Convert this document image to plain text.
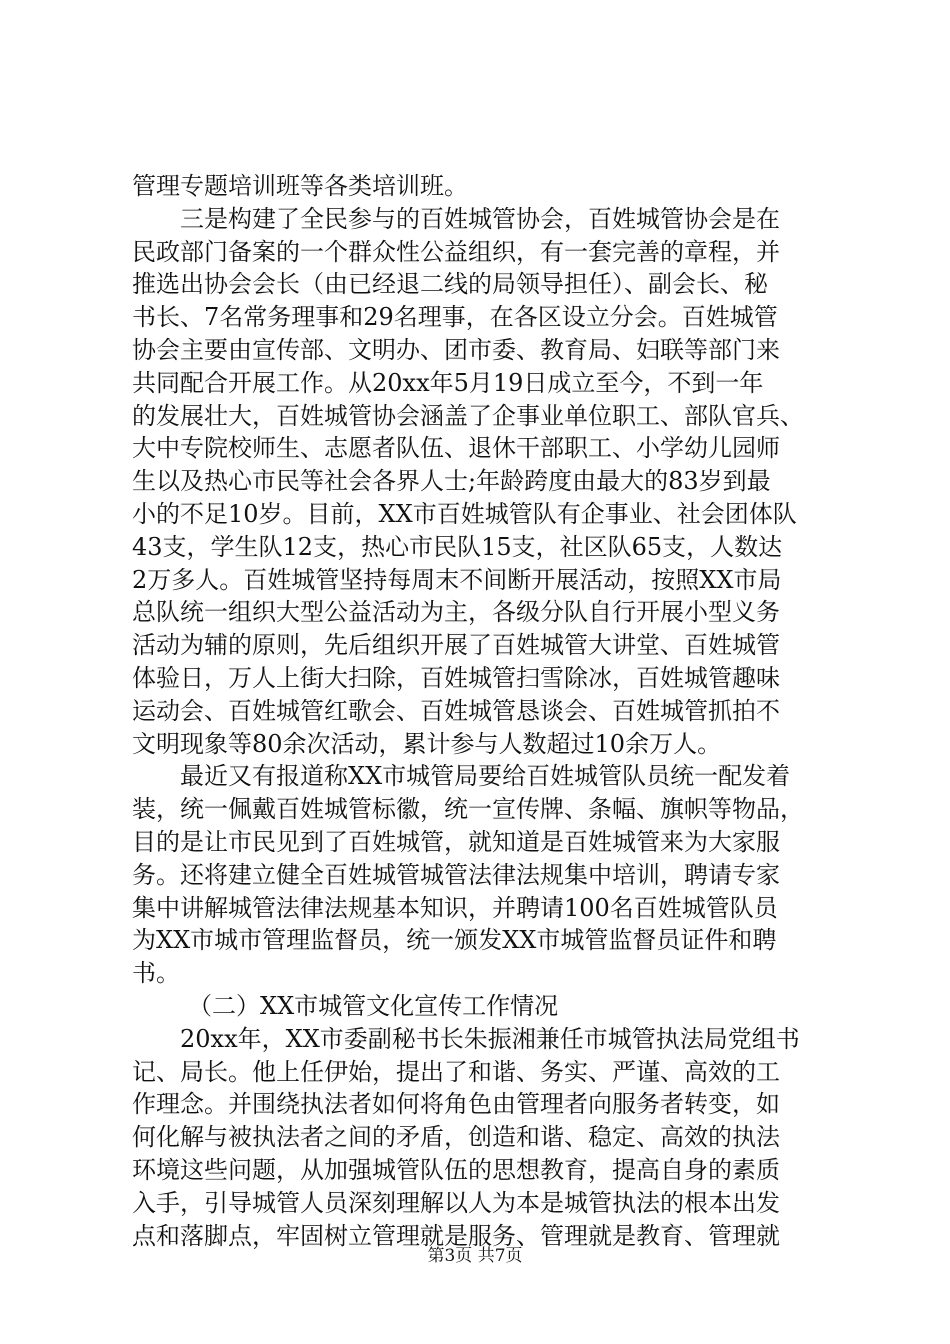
管理专题培训班等各类培训班。
三是构建了全民参与的百姓城管协会，百姓城管协会是在
民政部门备案的一个群众性公益组织，有一套完善的章程，并
推选出协会会长（由已经退二线的局领导担任）、副会长、秘
书长、7名常务理事和29名理事，在各区设立分会。百姓城管
协会主要由宣传部、文明办、团市委、教育局、妇联等部门来
共同配合开展工作。从20xx年5月19日成立至今，不到一年
的发展壮大，百姓城管协会涵盖了企事业单位职工、部队官兵、
大中专院校师生、志愿者队伍、退休干部职工、小学幼儿园师
生以及热心市民等社会各界人士;年龄跨度由最大的83岁到最
小的不足10岁。目前，XX市百姓城管队有企事业、社会团体队
43支，学生队12支，热心市民队15支，社区队65支，人数达
2万多人。百姓城管坚持每周末不间断开展活动，按照XX市局
总队统一组织大型公益活动为主，各级分队自行开展小型义务
活动为辅的原则，先后组织开展了百姓城管大讲堂、百姓城管
体验日，万人上街大扫除，百姓城管扫雪除冰，百姓城管趣味
运动会、百姓城管红歌会、百姓城管恳谈会、百姓城管抓拍不
文明现象等80余次活动，累计参与人数超过10余万人。
最近又有报道称XX市城管局要给百姓城管队员统一配发着
装，统一佩戴百姓城管标徽，统一宣传牌、条幅、旗帜等物品，
目的是让市民见到了百姓城管，就知道是百姓城管来为大家服
务。还将建立健全百姓城管城管法律法规集中培训，聘请专家
集中讲解城管法律法规基本知识，并聘请100名百姓城管队员
为XX市城市管理监督员，统一颁发XX市城管监督员证件和聘
书。
（二）XX市城管文化宣传工作情况
20xx年，XX市委副秘书长朱振湘兼任市城管执法局党组书
记、局长。他上任伊始，提出了和谐、务实、严谨、高效的工
作理念。并围绕执法者如何将角色由管理者向服务者转变，如
何化解与被执法者之间的矛盾，创造和谐、稳定、高效的执法
环境这些问题，从加强城管队伍的思想教育，提高自身的素质
入手，引导城管人员深刻理解以人为本是城管执法的根本出发
点和落脚点，牢固树立管理就是服务、管理就是教育、管理就
第3页 共7页
